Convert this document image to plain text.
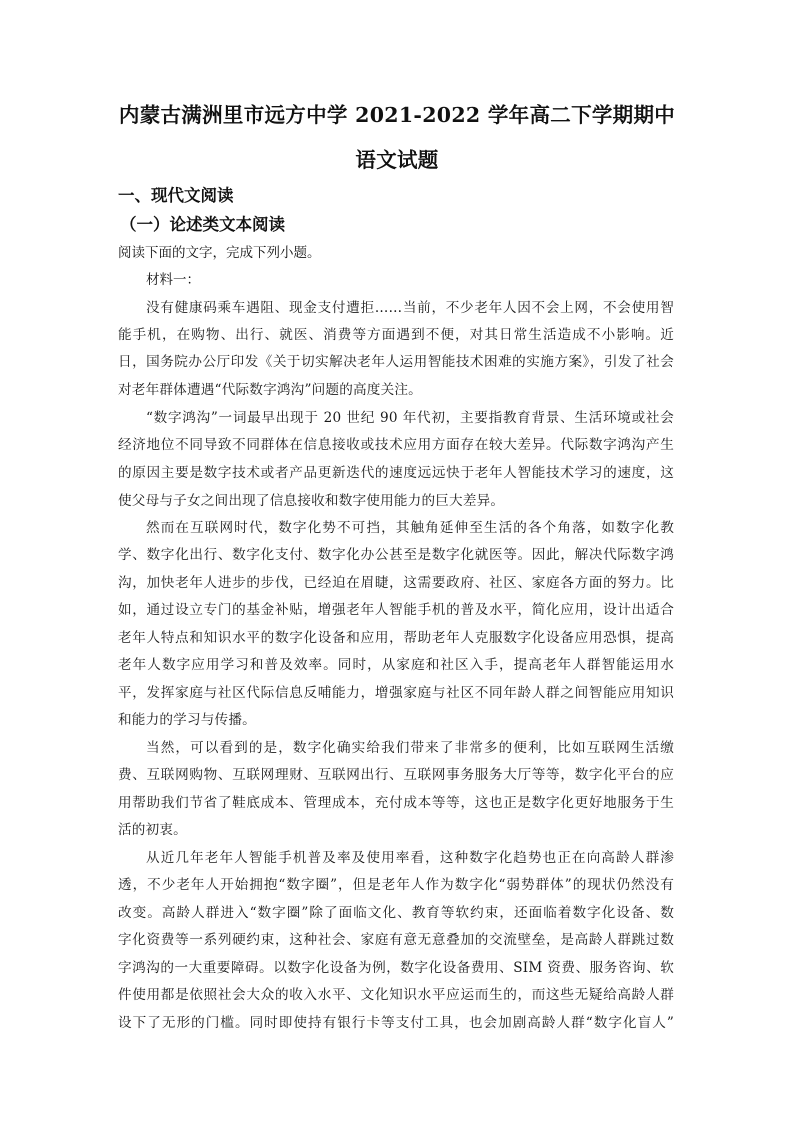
内蒙古满洲里市远方中学 2021-2022 学年高二下学期期中
语文试题
一、现代文阅读
（一）论述类文本阅读
阅读下面的文字，完成下列小题。
材料一：
没有健康码乘车遇阻、现金支付遭拒……当前，不少老年人因不会上网，不会使用智
能手机，在购物、出行、就医、消费等方面遇到不便，对其日常生活造成不小影响。近
日，国务院办公厅印发《关于切实解决老年人运用智能技术困难的实施方案》，引发了社会
对老年群体遭遇“代际数字鸿沟”问题的高度关注。
“数字鸿沟”一词最早出现于 20 世纪 90 年代初，主要指教育背景、生活环境或社会
经济地位不同导致不同群体在信息接收或技术应用方面存在较大差异。代际数字鸿沟产生
的原因主要是数字技术或者产品更新迭代的速度远远快于老年人智能技术学习的速度，这
使父母与子女之间出现了信息接收和数字使用能力的巨大差异。
然而在互联网时代，数字化势不可挡，其触角延伸至生活的各个角落，如数字化教
学、数字化出行、数字化支付、数字化办公甚至是数字化就医等。因此，解决代际数字鸿
沟，加快老年人进步的步伐，已经迫在眉睫，这需要政府、社区、家庭各方面的努力。比
如，通过设立专门的基金补贴，增强老年人智能手机的普及水平，简化应用，设计出适合
老年人特点和知识水平的数字化设备和应用，帮助老年人克服数字化设备应用恐惧，提高
老年人数字应用学习和普及效率。同时，从家庭和社区入手，提高老年人群智能运用水
平，发挥家庭与社区代际信息反哺能力，增强家庭与社区不同年龄人群之间智能应用知识
和能力的学习与传播。
当然，可以看到的是，数字化确实给我们带来了非常多的便利，比如互联网生活缴
费、互联网购物、互联网理财、互联网出行、互联网事务服务大厅等等，数字化平台的应
用帮助我们节省了鞋底成本、管理成本，充付成本等等，这也正是数字化更好地服务于生
活的初衷。
从近几年老年人智能手机普及率及使用率看，这种数字化趋势也正在向高龄人群渗
透，不少老年人开始拥抱“数字圈”，但是老年人作为数字化“弱势群体”的现状仍然没有
改变。高龄人群进入“数字圈”除了面临文化、教育等软约束，还面临着数字化设备、数
字化资费等一系列硬约束，这种社会、家庭有意无意叠加的交流壁垒，是高龄人群跳过数
字鸿沟的一大重要障碍。以数字化设备为例，数字化设备费用、SIM 资费、服务咨询、软
件使用都是依照社会大众的收入水平、文化知识水平应运而生的，而这些无疑给高龄人群
设下了无形的门槛。同时即使持有银行卡等支付工具，也会加剧高龄人群“数字化盲人”
